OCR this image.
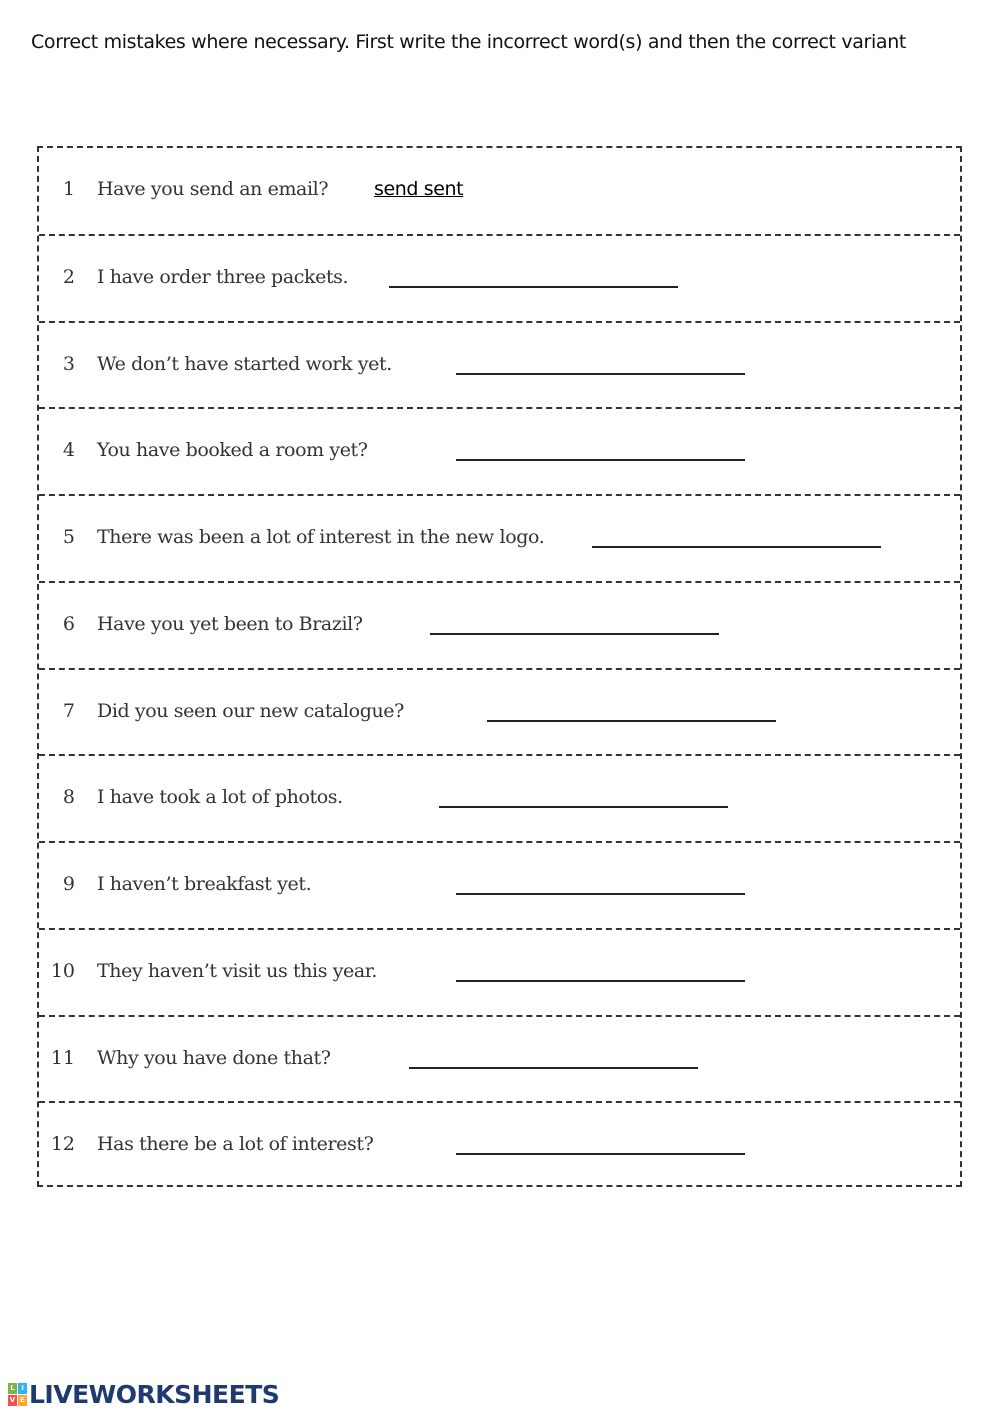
Correct mistakes where necessary. First write the incorrect word(s) and then the correct variant
1 Have you send an email? send sent
2 I have order three packets.
3 We don’t have started work yet.
4 You have booked a room yet?
5 There was been a lot of interest in the new logo.
6 Have you yet been to Brazil?
7 Did you seen our new catalogue?
8 I have took a lot of photos.
9 I haven’t breakfast yet.
10 They haven’t visit us this year.
11 Why you have done that?
12 Has there be a lot of interest?
L I
V E LIVEWORKSHEETS
